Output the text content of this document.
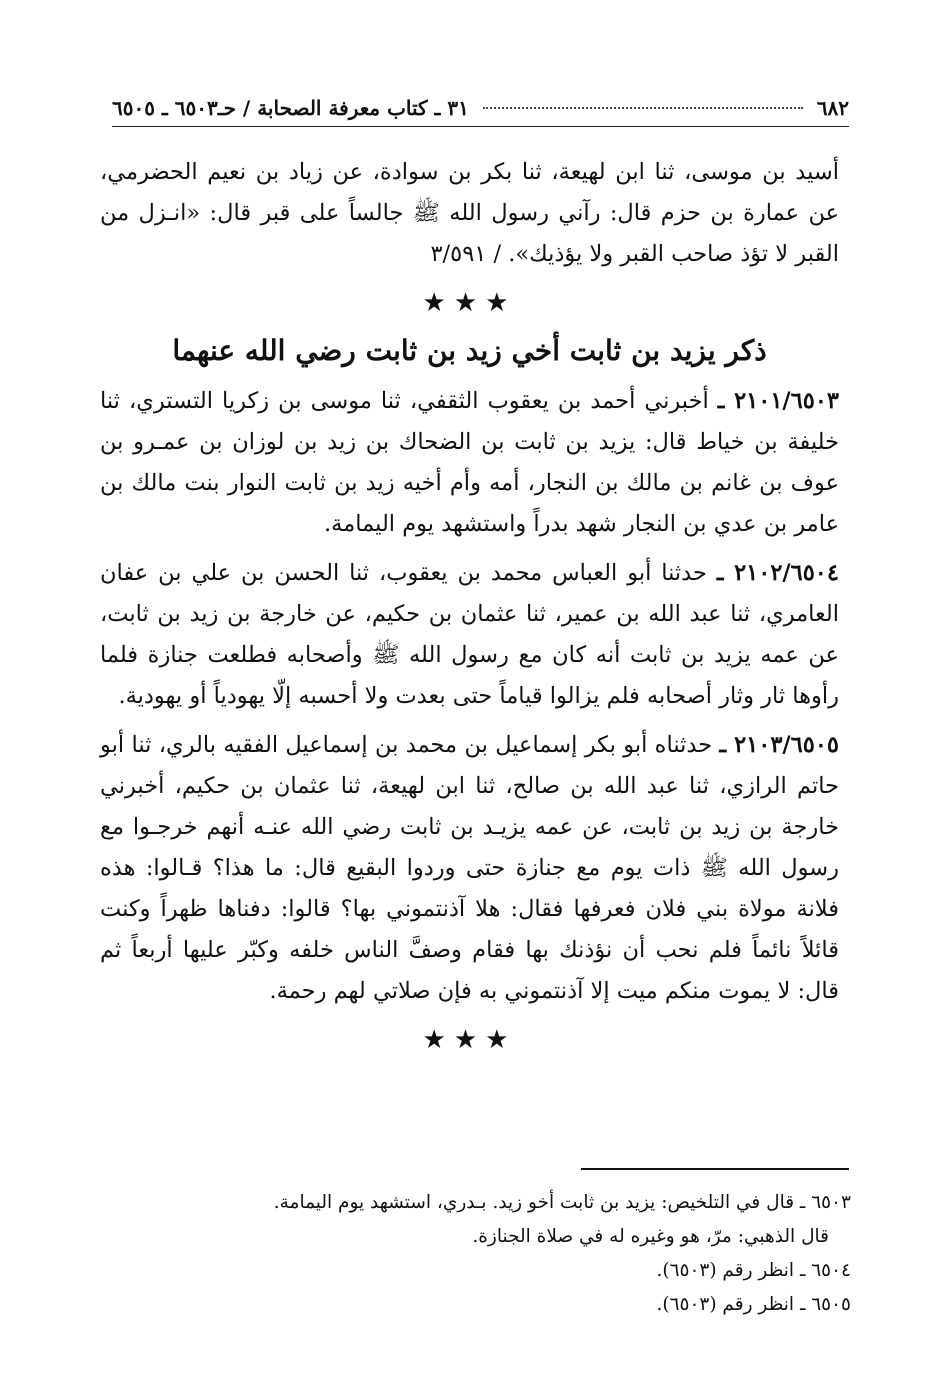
٦٨٢
٣١ ـ كتاب معرفة الصحابة / حـ٦٥٠٣ ـ ٦٥٠٥

أسيد بن موسى، ثنا ابن لهيعة، ثنا بكر بن سوادة، عن زياد بن نعيم الحضرمي، عن عمارة بن حزم قال: رآني رسول الله ﷺ جالساً على قبر قال: «انـزل من القبر لا تؤذ صاحب القبر ولا يؤذيك». / ٣/٥٩١

★★★
ذكر يزيد بن ثابت أخي زيد بن ثابت رضي الله عنهما

٢١٠١/٦٥٠٣ ـ أخبرني أحمد بن يعقوب الثقفي، ثنا موسى بن زكريا التستري، ثنا خليفة بن خياط قال: يزيد بن ثابت بن الضحاك بن زيد بن لوزان بن عمـرو بن عوف بن غانم بن مالك بن النجار، أمه وأم أخيه زيد بن ثابت النوار بنت مالك بن عامر بن عدي بن النجار شهد بدراً واستشهد يوم اليمامة.

٢١٠٢/٦٥٠٤ ـ حدثنا أبو العباس محمد بن يعقوب، ثنا الحسن بن علي بن عفان العامري، ثنا عبد الله بن عمير، ثنا عثمان بن حكيم، عن خارجة بن زيد بن ثابت، عن عمه يزيد بن ثابت أنه كان مع رسول الله ﷺ وأصحابه فطلعت جنازة فلما رأوها ثار وثار أصحابه فلم يزالوا قياماً حتى بعدت ولا أحسبه إلّا يهودياً أو يهودية.

٢١٠٣/٦٥٠٥ ـ حدثناه أبو بكر إسماعيل بن محمد بن إسماعيل الفقيه بالري، ثنا أبو حاتم الرازي، ثنا عبد الله بن صالح، ثنا ابن لهيعة، ثنا عثمان بن حكيم، أخبرني خارجة بن زيد بن ثابت، عن عمه يزيـد بن ثابت رضي الله عنـه أنهم خرجـوا مع رسول الله ﷺ ذات يوم مع جنازة حتى وردوا البقيع قال: ما هذا؟ قـالوا: هذه فلانة مولاة بني فلان فعرفها فقال: هلا آذنتموني بها؟ قالوا: دفناها ظهراً وكنت قائلاً نائماً فلم نحب أن نؤذنك بها فقام وصفَّ الناس خلفه وكبّر عليها أربعاً ثم قال: لا يموت منكم ميت إلا آذنتموني به فإن صلاتي لهم رحمة.

★★★

٦٥٠٣ ـ قال في التلخيص: يزيد بن ثابت أخو زيد. بـدري، استشهد يوم اليمامة.

قال الذهبي: مرّ، هو وغيره له في صلاة الجنازة.

٦٥٠٤ ـ انظر رقم (٦٥٠٣).

٦٥٠٥ ـ انظر رقم (٦٥٠٣).
